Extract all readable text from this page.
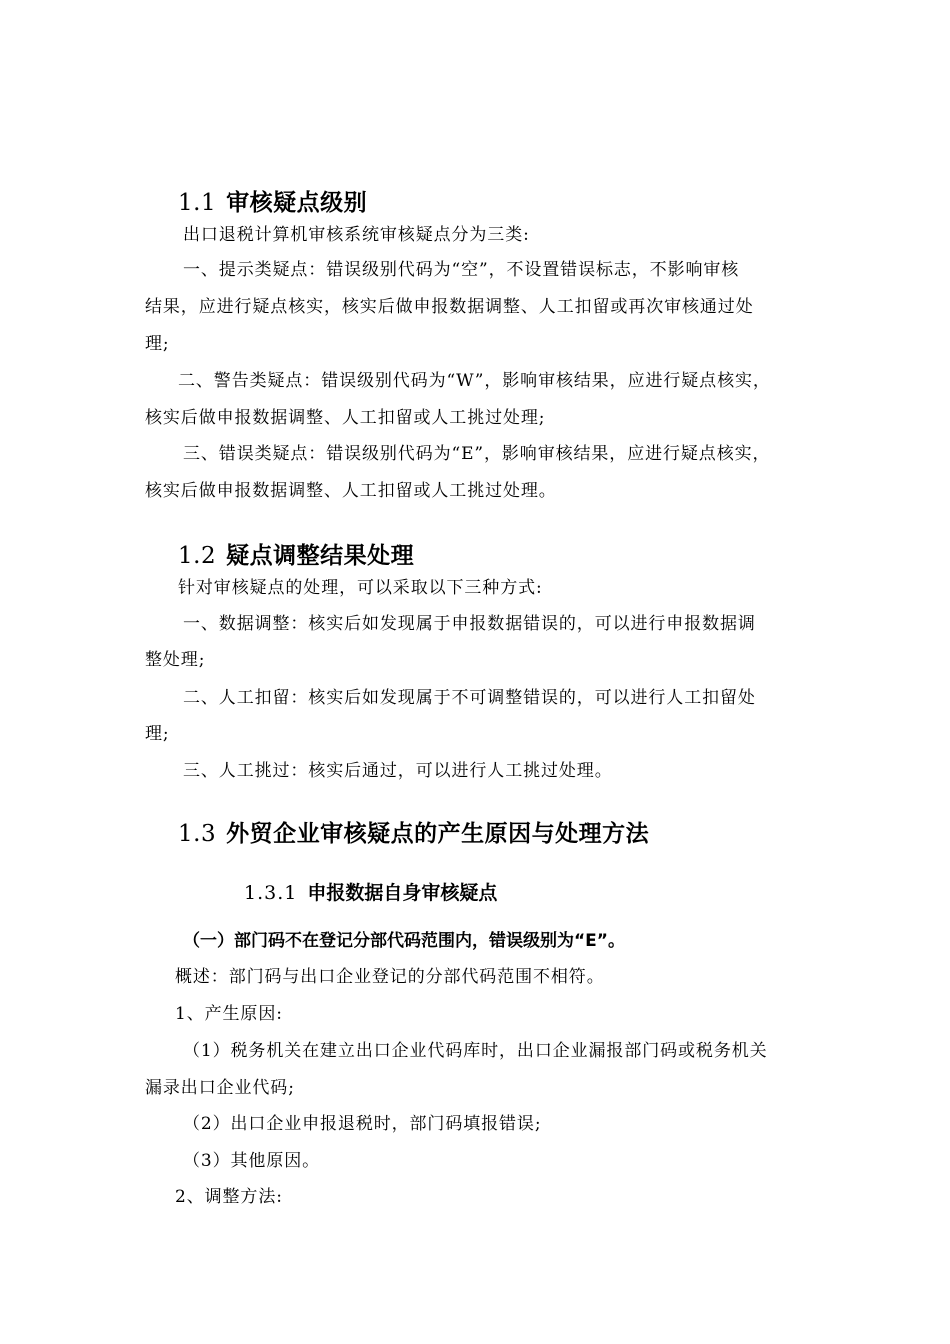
1.1 审核疑点级别
出口退税计算机审核系统审核疑点分为三类:
一、提示类疑点：错误级别代码为“空”，不设置错误标志，不影响审核
结果，应进行疑点核实，核实后做申报数据调整、人工扣留或再次审核通过处
理;
二、警告类疑点：错误级别代码为“W”，影响审核结果，应进行疑点核实，
核实后做申报数据调整、人工扣留或人工挑过处理;
三、错误类疑点：错误级别代码为“E”，影响审核结果，应进行疑点核实，
核实后做申报数据调整、人工扣留或人工挑过处理。
1.2 疑点调整结果处理
针对审核疑点的处理，可以采取以下三种方式:
一、数据调整：核实后如发现属于申报数据错误的，可以进行申报数据调
整处理;
二、人工扣留：核实后如发现属于不可调整错误的，可以进行人工扣留处
理;
三、人工挑过：核实后通过，可以进行人工挑过处理。
1.3 外贸企业审核疑点的产生原因与处理方法
1.3.1 申报数据自身审核疑点
（一）部门码不在登记分部代码范围内，错误级别为“E”。
概述：部门码与出口企业登记的分部代码范围不相符。
1、产生原因:
（1）税务机关在建立出口企业代码库时，出口企业漏报部门码或税务机关
漏录出口企业代码;
（2）出口企业申报退税时，部门码填报错误;
（3）其他原因。
2、调整方法:
